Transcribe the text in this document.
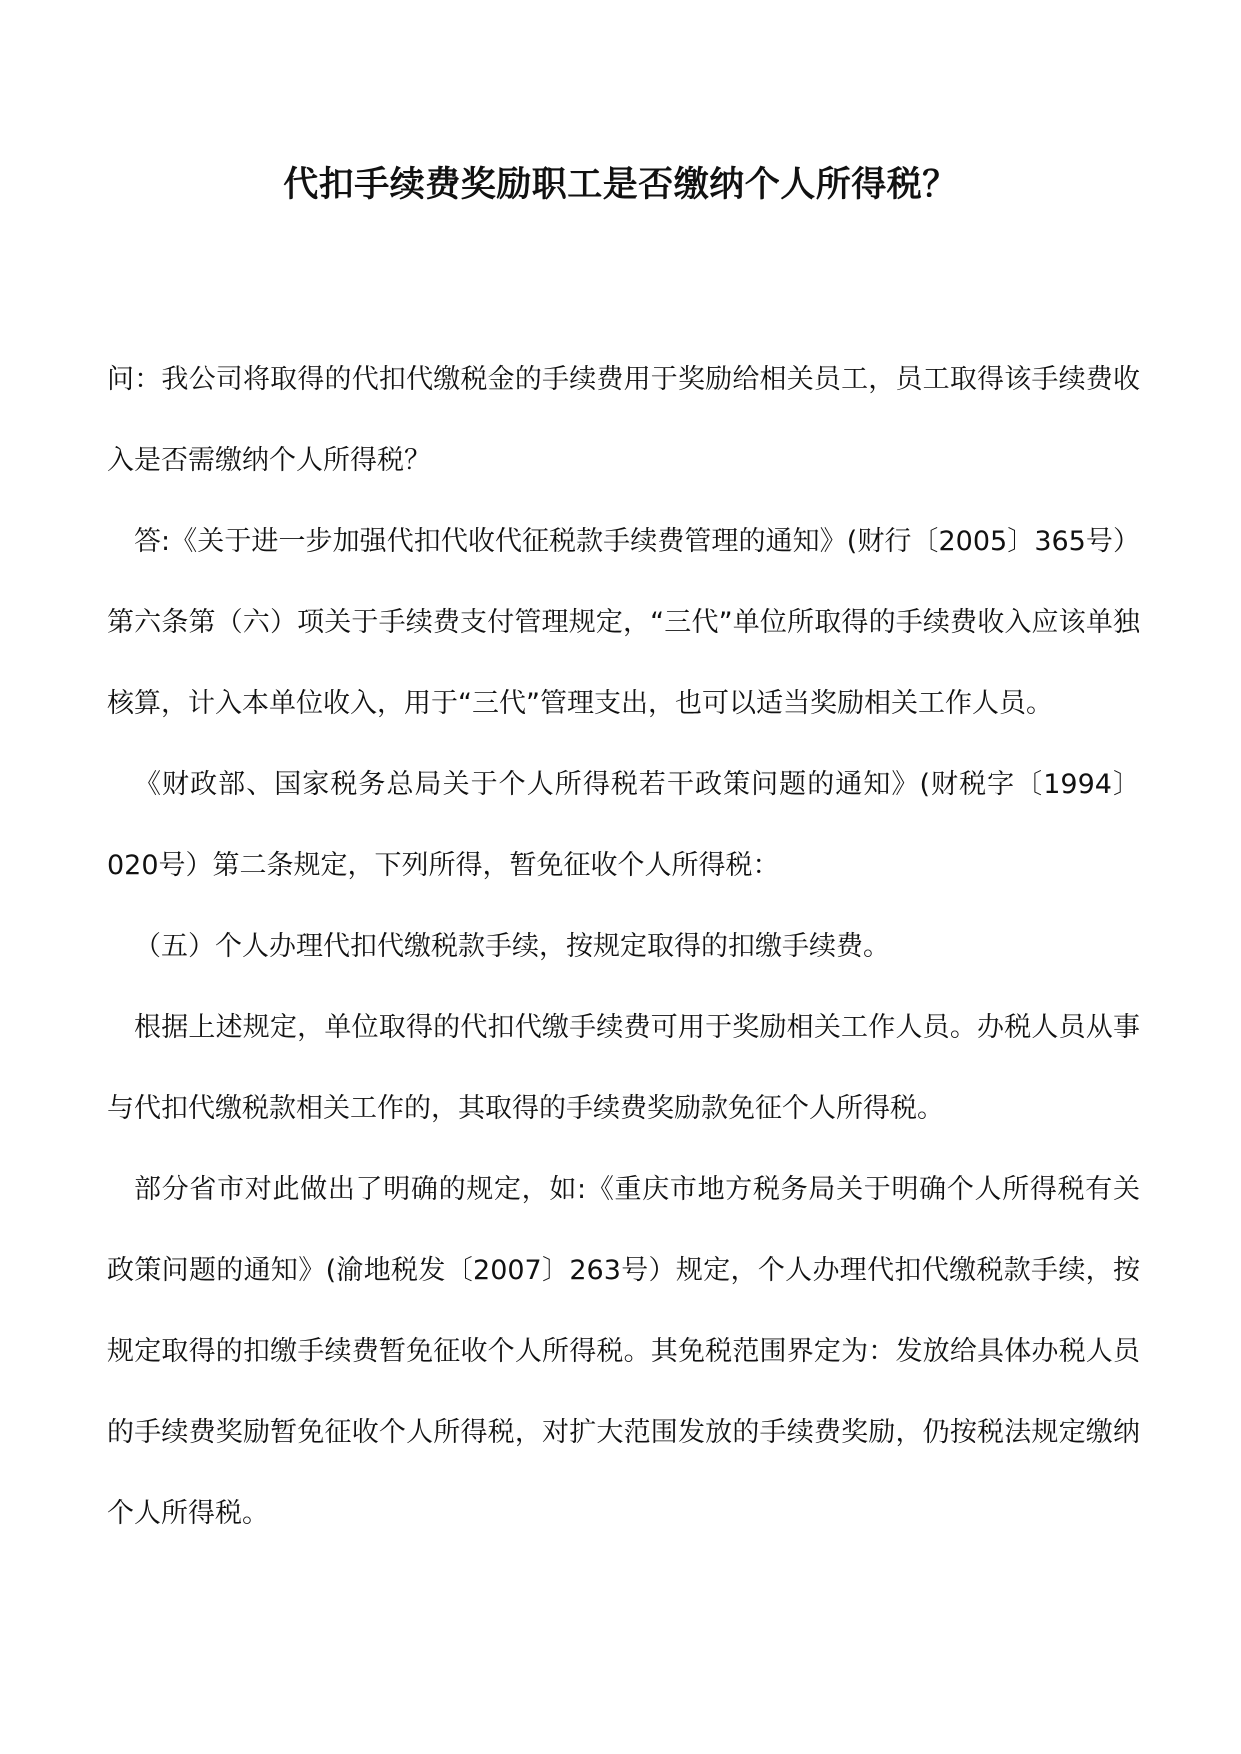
代扣手续费奖励职工是否缴纳个人所得税？

问：我公司将取得的代扣代缴税金的手续费用于奖励给相关员工，员工取得该手续费收入是否需缴纳个人所得税？

答:《关于进一步加强代扣代收代征税款手续费管理的通知》(财行〔2005〕365号）第六条第（六）项关于手续费支付管理规定，“三代”单位所取得的手续费收入应该单独核算，计入本单位收入，用于“三代”管理支出，也可以适当奖励相关工作人员。

《财政部、国家税务总局关于个人所得税若干政策问题的通知》(财税字〔1994〕020号）第二条规定，下列所得，暂免征收个人所得税：

（五）个人办理代扣代缴税款手续，按规定取得的扣缴手续费。

根据上述规定，单位取得的代扣代缴手续费可用于奖励相关工作人员。办税人员从事与代扣代缴税款相关工作的，其取得的手续费奖励款免征个人所得税。

部分省市对此做出了明确的规定，如:《重庆市地方税务局关于明确个人所得税有关政策问题的通知》(渝地税发〔2007〕263号）规定，个人办理代扣代缴税款手续，按规定取得的扣缴手续费暂免征收个人所得税。其免税范围界定为：发放给具体办税人员的手续费奖励暂免征收个人所得税，对扩大范围发放的手续费奖励，仍按税法规定缴纳个人所得税。
